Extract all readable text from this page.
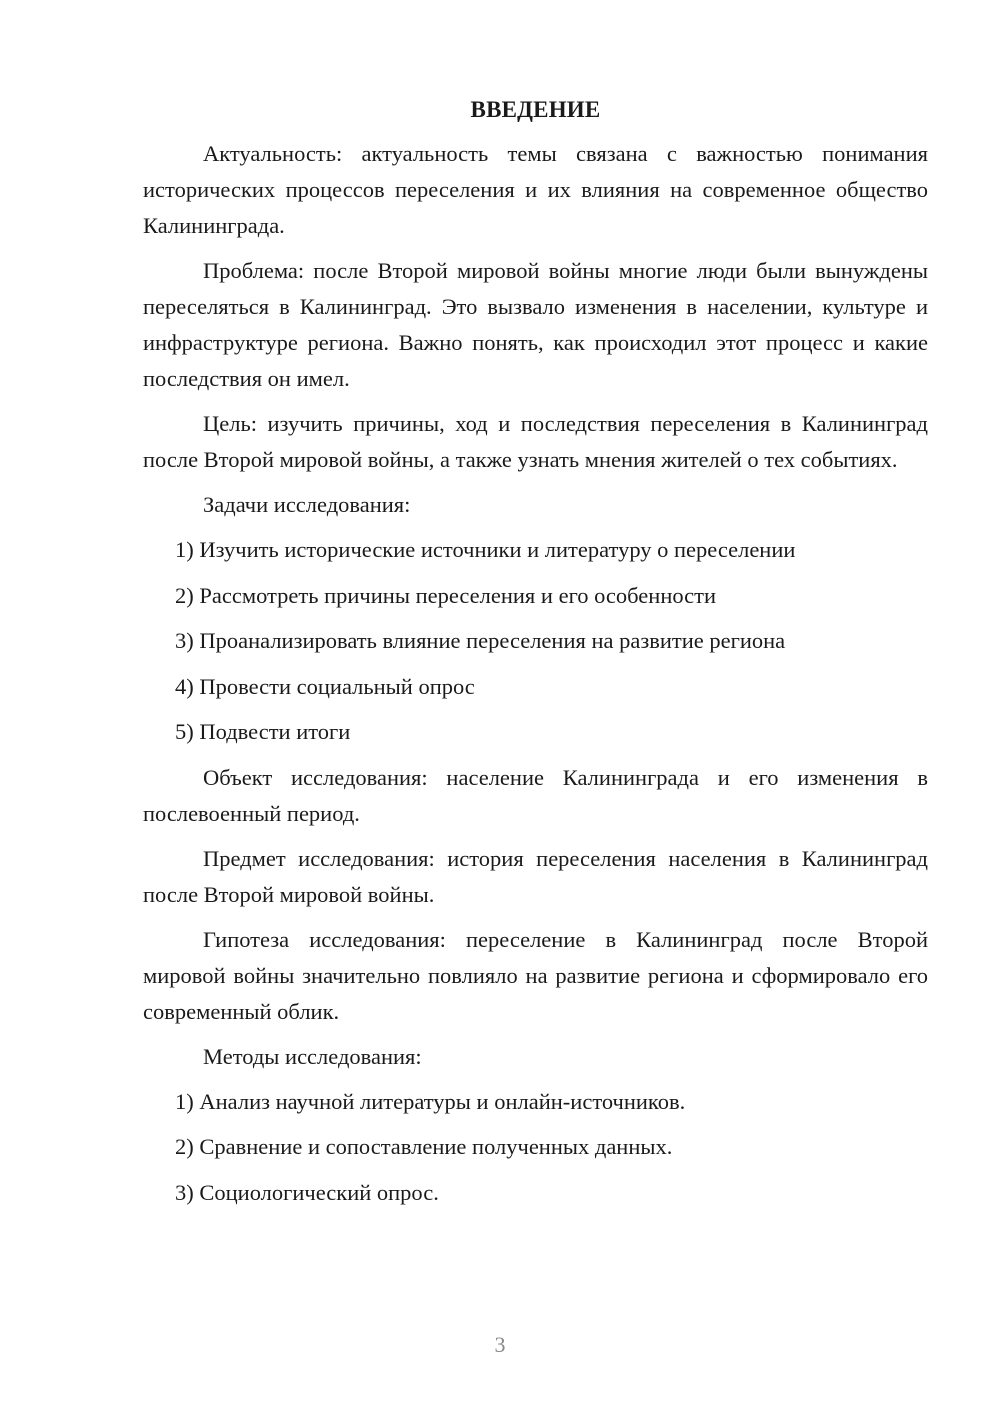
ВВЕДЕНИЕ

Актуальность: актуальность темы связана с важностью понимания исторических процессов переселения и их влияния на современное общество Калининграда.

Проблема: после Второй мировой войны многие люди были вынуждены переселяться в Калининград. Это вызвало изменения в населении, культуре и инфраструктуре региона. Важно понять, как происходил этот процесс и какие последствия он имел.

Цель: изучить причины, ход и последствия переселения в Калининград после Второй мировой войны, а также узнать мнения жителей о тех событиях.

Задачи исследования:

1) Изучить исторические источники и литературу о переселении
2) Рассмотреть причины переселения и его особенности
3) Проанализировать влияние переселения на развитие региона
4) Провести социальный опрос
5) Подвести итоги

Объект исследования: население Калининграда и его изменения в послевоенный период.

Предмет исследования: история переселения населения в Калининград после Второй мировой войны.

Гипотеза исследования: переселение в Калининград после Второй мировой войны значительно повлияло на развитие региона и сформировало его современный облик.

Методы исследования:

1) Анализ научной литературы и онлайн-источников.
2) Сравнение и сопоставление полученных данных.
3) Социологический опрос.
3
